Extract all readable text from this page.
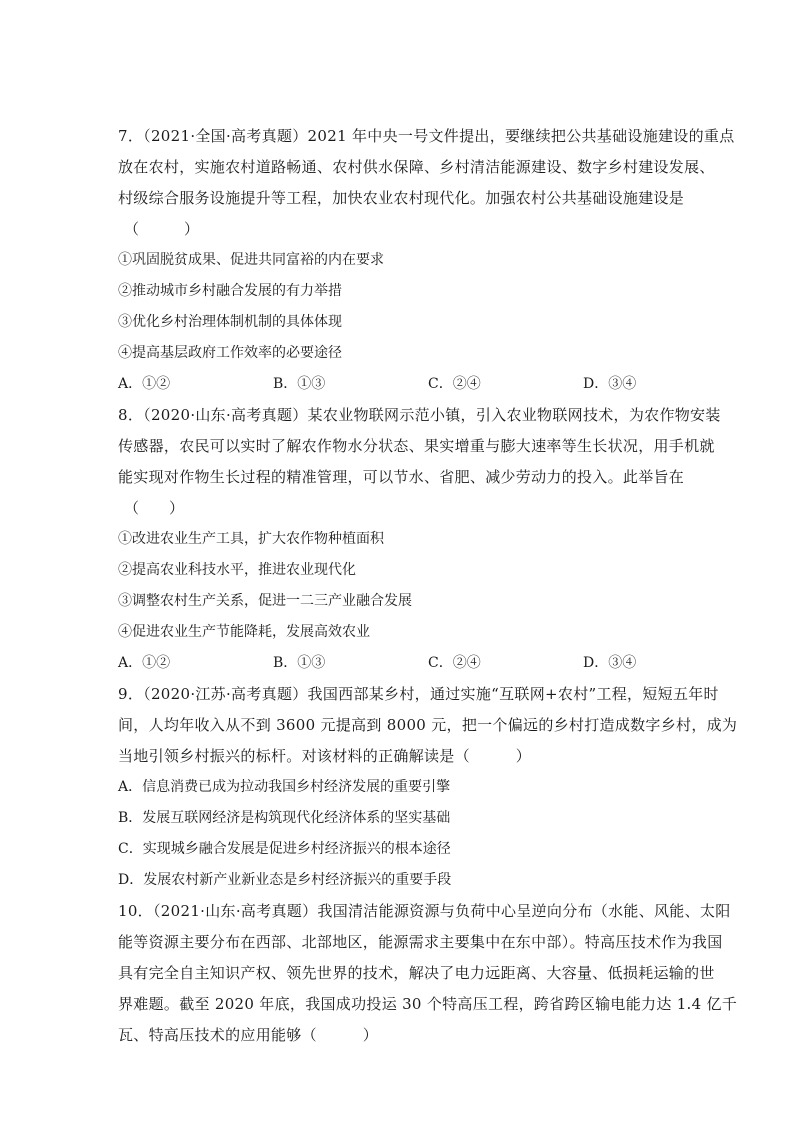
7．（2021·全国·高考真题）2021 年中央一号文件提出，要继续把公共基础设施建设的重点
放在农村，实施农村道路畅通、农村供水保障、乡村清洁能源建设、数字乡村建设发展、
村级综合服务设施提升等工程，加快农业农村现代化。加强农村公共基础设施建设是
（　　　）
①巩固脱贫成果、促进共同富裕的内在要求
②推动城市乡村融合发展的有力举措
③优化乡村治理体制机制的具体体现
④提高基层政府工作效率的必要途径
A．①②	B．①③	C．②④	D．③④
8．（2020·山东·高考真题）某农业物联网示范小镇，引入农业物联网技术，为农作物安装
传感器，农民可以实时了解农作物水分状态、果实增重与膨大速率等生长状况，用手机就
能实现对作物生长过程的精准管理，可以节水、省肥、减少劳动力的投入。此举旨在
（　　）
①改进农业生产工具，扩大农作物种植面积
②提高农业科技水平，推进农业现代化
③调整农村生产关系，促进一二三产业融合发展
④促进农业生产节能降耗，发展高效农业
A．①②	B．①③	C．②④	D．③④
9．（2020·江苏·高考真题）我国西部某乡村，通过实施“互联网+农村”工程，短短五年时
间，人均年收入从不到 3600 元提高到 8000 元，把一个偏远的乡村打造成数字乡村，成为
当地引领乡村振兴的标杆。对该材料的正确解读是（　　　）
A．信息消费已成为拉动我国乡村经济发展的重要引擎
B．发展互联网经济是构筑现代化经济体系的坚实基础
C．实现城乡融合发展是促进乡村经济振兴的根本途径
D．发展农村新产业新业态是乡村经济振兴的重要手段
10．（2021·山东·高考真题）我国清洁能源资源与负荷中心呈逆向分布（水能、风能、太阳
能等资源主要分布在西部、北部地区，能源需求主要集中在东中部）。特高压技术作为我国
具有完全自主知识产权、领先世界的技术，解决了电力远距离、大容量、低损耗运输的世
界难题。截至 2020 年底，我国成功投运 30 个特高压工程，跨省跨区输电能力达 1.4 亿千
瓦、特高压技术的应用能够（　　　）
